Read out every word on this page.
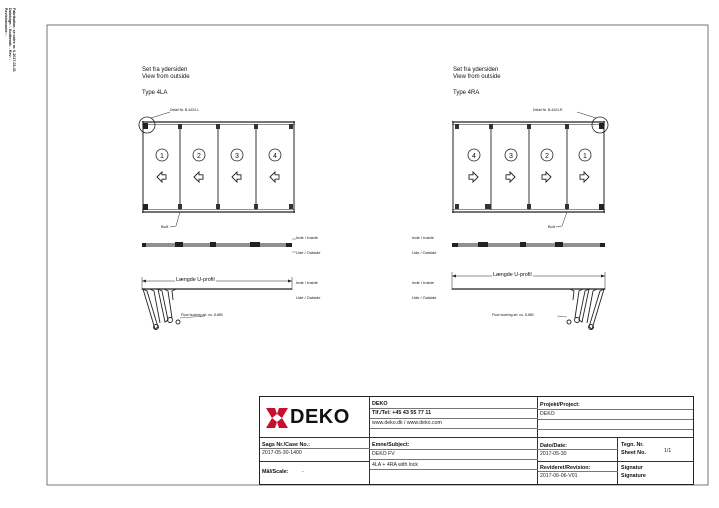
Fabrikation: se ordre nr. 6-2017-03-31
Dato/sign: - Godkendt: - Rev: -
Revisionsnote: -
Set fra ydersiden
View from outside
Type 4LA
Detail Nr. B-4424-L
1	2	3	4
Bolt
Inde / Inside
Ude / Outside
Længde U-profil	Inde / Inside
Ude / Outside
Floor bushing art. no. 8-880
Set fra ydersiden
View from outside
Type 4RA
Detail Nr. B-4424-R
4	3	2	1
Bolt
Inde / Inside
Ude / Outside
Længde U-profil
Inde / Inside
Ude / Outside
Floor bushing art. no. 8-880
DEKO
DEKO
Tlf./Tel: +45 43 55 77 11
www.deko.dk / www.deko.com
Projekt/Project:
DEKO
Sags Nr./Case No.:
2017-05-30-1400
Emne/Subject:
DEKO FV
4LA + 4RA with lock
Dato/Date:
2017-05-30
Tegn. Nr.
Sheet No.	1/1
Mål/Scale:	-
Revideret/Revision:
2017-06-06-V01
Signatur
Signature
